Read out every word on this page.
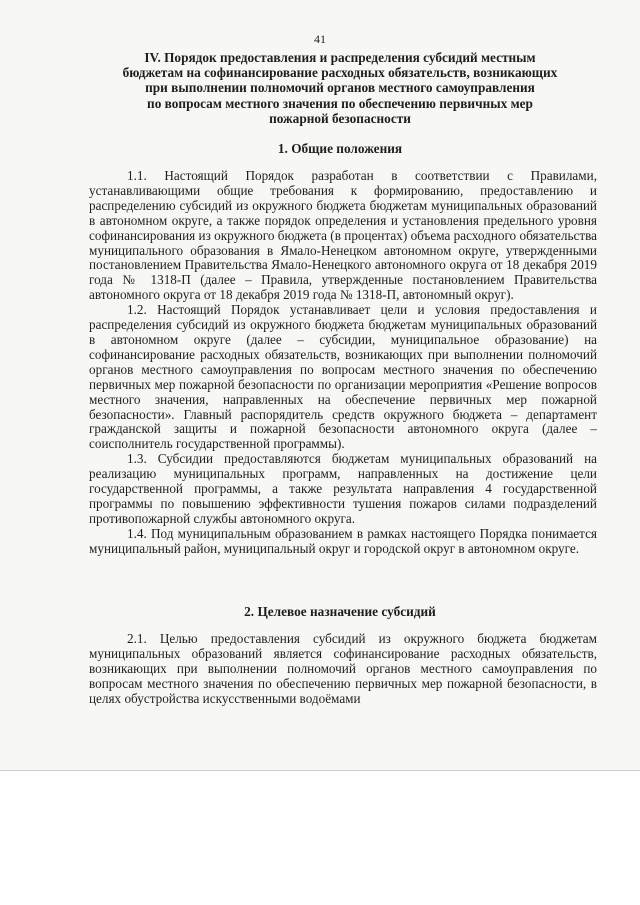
41
IV. Порядок предоставления и распределения субсидий местным
бюджетам на софинансирование расходных обязательств, возникающих
при выполнении полномочий органов местного самоуправления
по вопросам местного значения по обеспечению первичных мер
пожарной безопасности
1. Общие положения

1.1. Настоящий Порядок разработан в соответствии с Правилами, устанавливающими общие требования к формированию, предоставлению и распределению субсидий из окружного бюджета бюджетам муниципальных образований в автономном округе, а также порядок определения и установления предельного уровня софинансирования из окружного бюджета (в процентах) объема расходного обязательства муниципального образования в Ямало-Ненецком автономном округе, утвержденными постановлением Правительства Ямало-Ненецкого автономного округа от 18 декабря 2019 года № 1318-П (далее – Правила, утвержденные постановлением Правительства автономного округа от 18 декабря 2019 года № 1318-П, автономный округ).

1.2. Настоящий Порядок устанавливает цели и условия предоставления и распределения субсидий из окружного бюджета бюджетам муниципальных образований в автономном округе (далее – субсидии, муниципальное образование) на софинансирование расходных обязательств, возникающих при выполнении полномочий органов местного самоуправления по вопросам местного значения по обеспечению первичных мер пожарной безопасности по организации мероприятия «Решение вопросов местного значения, направленных на обеспечение первичных мер пожарной безопасности». Главный распорядитель средств окружного бюджета – департамент гражданской защиты и пожарной безопасности автономного округа (далее – соисполнитель государственной программы).

1.3. Субсидии предоставляются бюджетам муниципальных образований на реализацию муниципальных программ, направленных на достижение цели государственной программы, а также результата направления 4 государственной программы по повышению эффективности тушения пожаров силами подразделений противопожарной службы автономного округа.

1.4. Под муниципальным образованием в рамках настоящего Порядка понимается муниципальный район, муниципальный округ и городской округ в автономном округе.

2. Целевое назначение субсидий

2.1. Целью предоставления субсидий из окружного бюджета бюджетам муниципальных образований является софинансирование расходных обязательств, возникающих при выполнении полномочий органов местного самоуправления по вопросам местного значения по обеспечению первичных мер пожарной безопасности, в целях обустройства искусственными водоёмами
